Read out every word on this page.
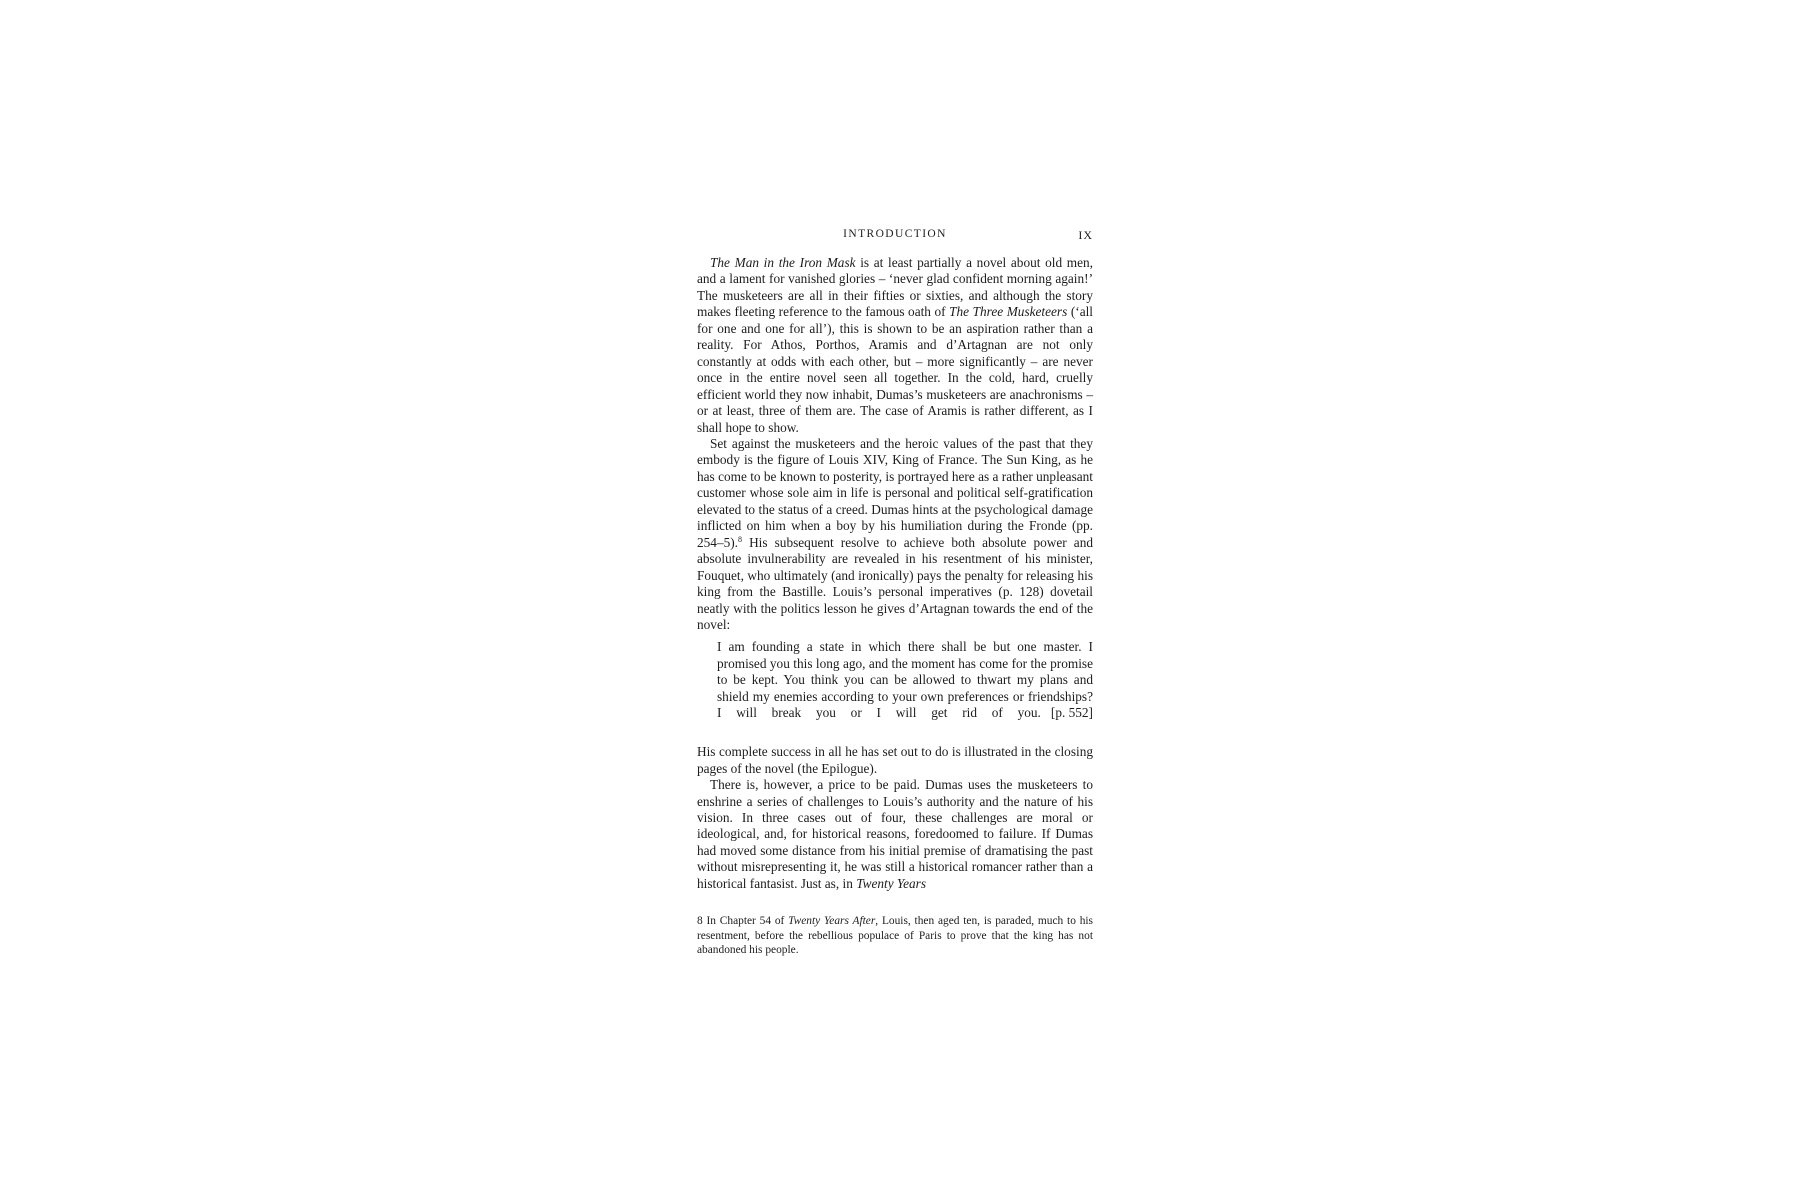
INTRODUCTION	IX

The Man in the Iron Mask is at least partially a novel about old men, and a lament for vanished glories – ‘never glad confident morning again!’ The musketeers are all in their fifties or sixties, and although the story makes fleeting reference to the famous oath of The Three Musketeers (‘all for one and one for all’), this is shown to be an aspiration rather than a reality. For Athos, Porthos, Aramis and d’Artagnan are not only constantly at odds with each other, but – more significantly – are never once in the entire novel seen all together. In the cold, hard, cruelly efficient world they now inhabit, Dumas’s musketeers are anachronisms – or at least, three of them are. The case of Aramis is rather different, as I shall hope to show.

Set against the musketeers and the heroic values of the past that they embody is the figure of Louis XIV, King of France. The Sun King, as he has come to be known to posterity, is portrayed here as a rather unpleasant customer whose sole aim in life is personal and political self-gratification elevated to the status of a creed. Dumas hints at the psychological damage inflicted on him when a boy by his humiliation during the Fronde (pp. 254–5).$^8$ His subsequent resolve to achieve both absolute power and absolute invulnerability are revealed in his resentment of his minister, Fouquet, who ultimately (and ironically) pays the penalty for releasing his king from the Bastille. Louis’s personal imperatives (p. 128) dovetail neatly with the politics lesson he gives d’Artagnan towards the end of the novel:

I am founding a state in which there shall be but one master. I promised you this long ago, and the moment has come for the promise to be kept. You think you can be allowed to thwart my plans and shield my enemies according to your own preferences or friendships? I will break you or I will get rid of you. [p. 552]

His complete success in all he has set out to do is illustrated in the closing pages of the novel (the Epilogue).

There is, however, a price to be paid. Dumas uses the musketeers to enshrine a series of challenges to Louis’s authority and the nature of his vision. In three cases out of four, these challenges are moral or ideological, and, for historical reasons, foredoomed to failure. If Dumas had moved some distance from his initial premise of dramatising the past without misrepresenting it, he was still a historical romancer rather than a historical fantasist. Just as, in Twenty Years

8 In Chapter 54 of Twenty Years After, Louis, then aged ten, is paraded, much to his resentment, before the rebellious populace of Paris to prove that the king has not abandoned his people.
